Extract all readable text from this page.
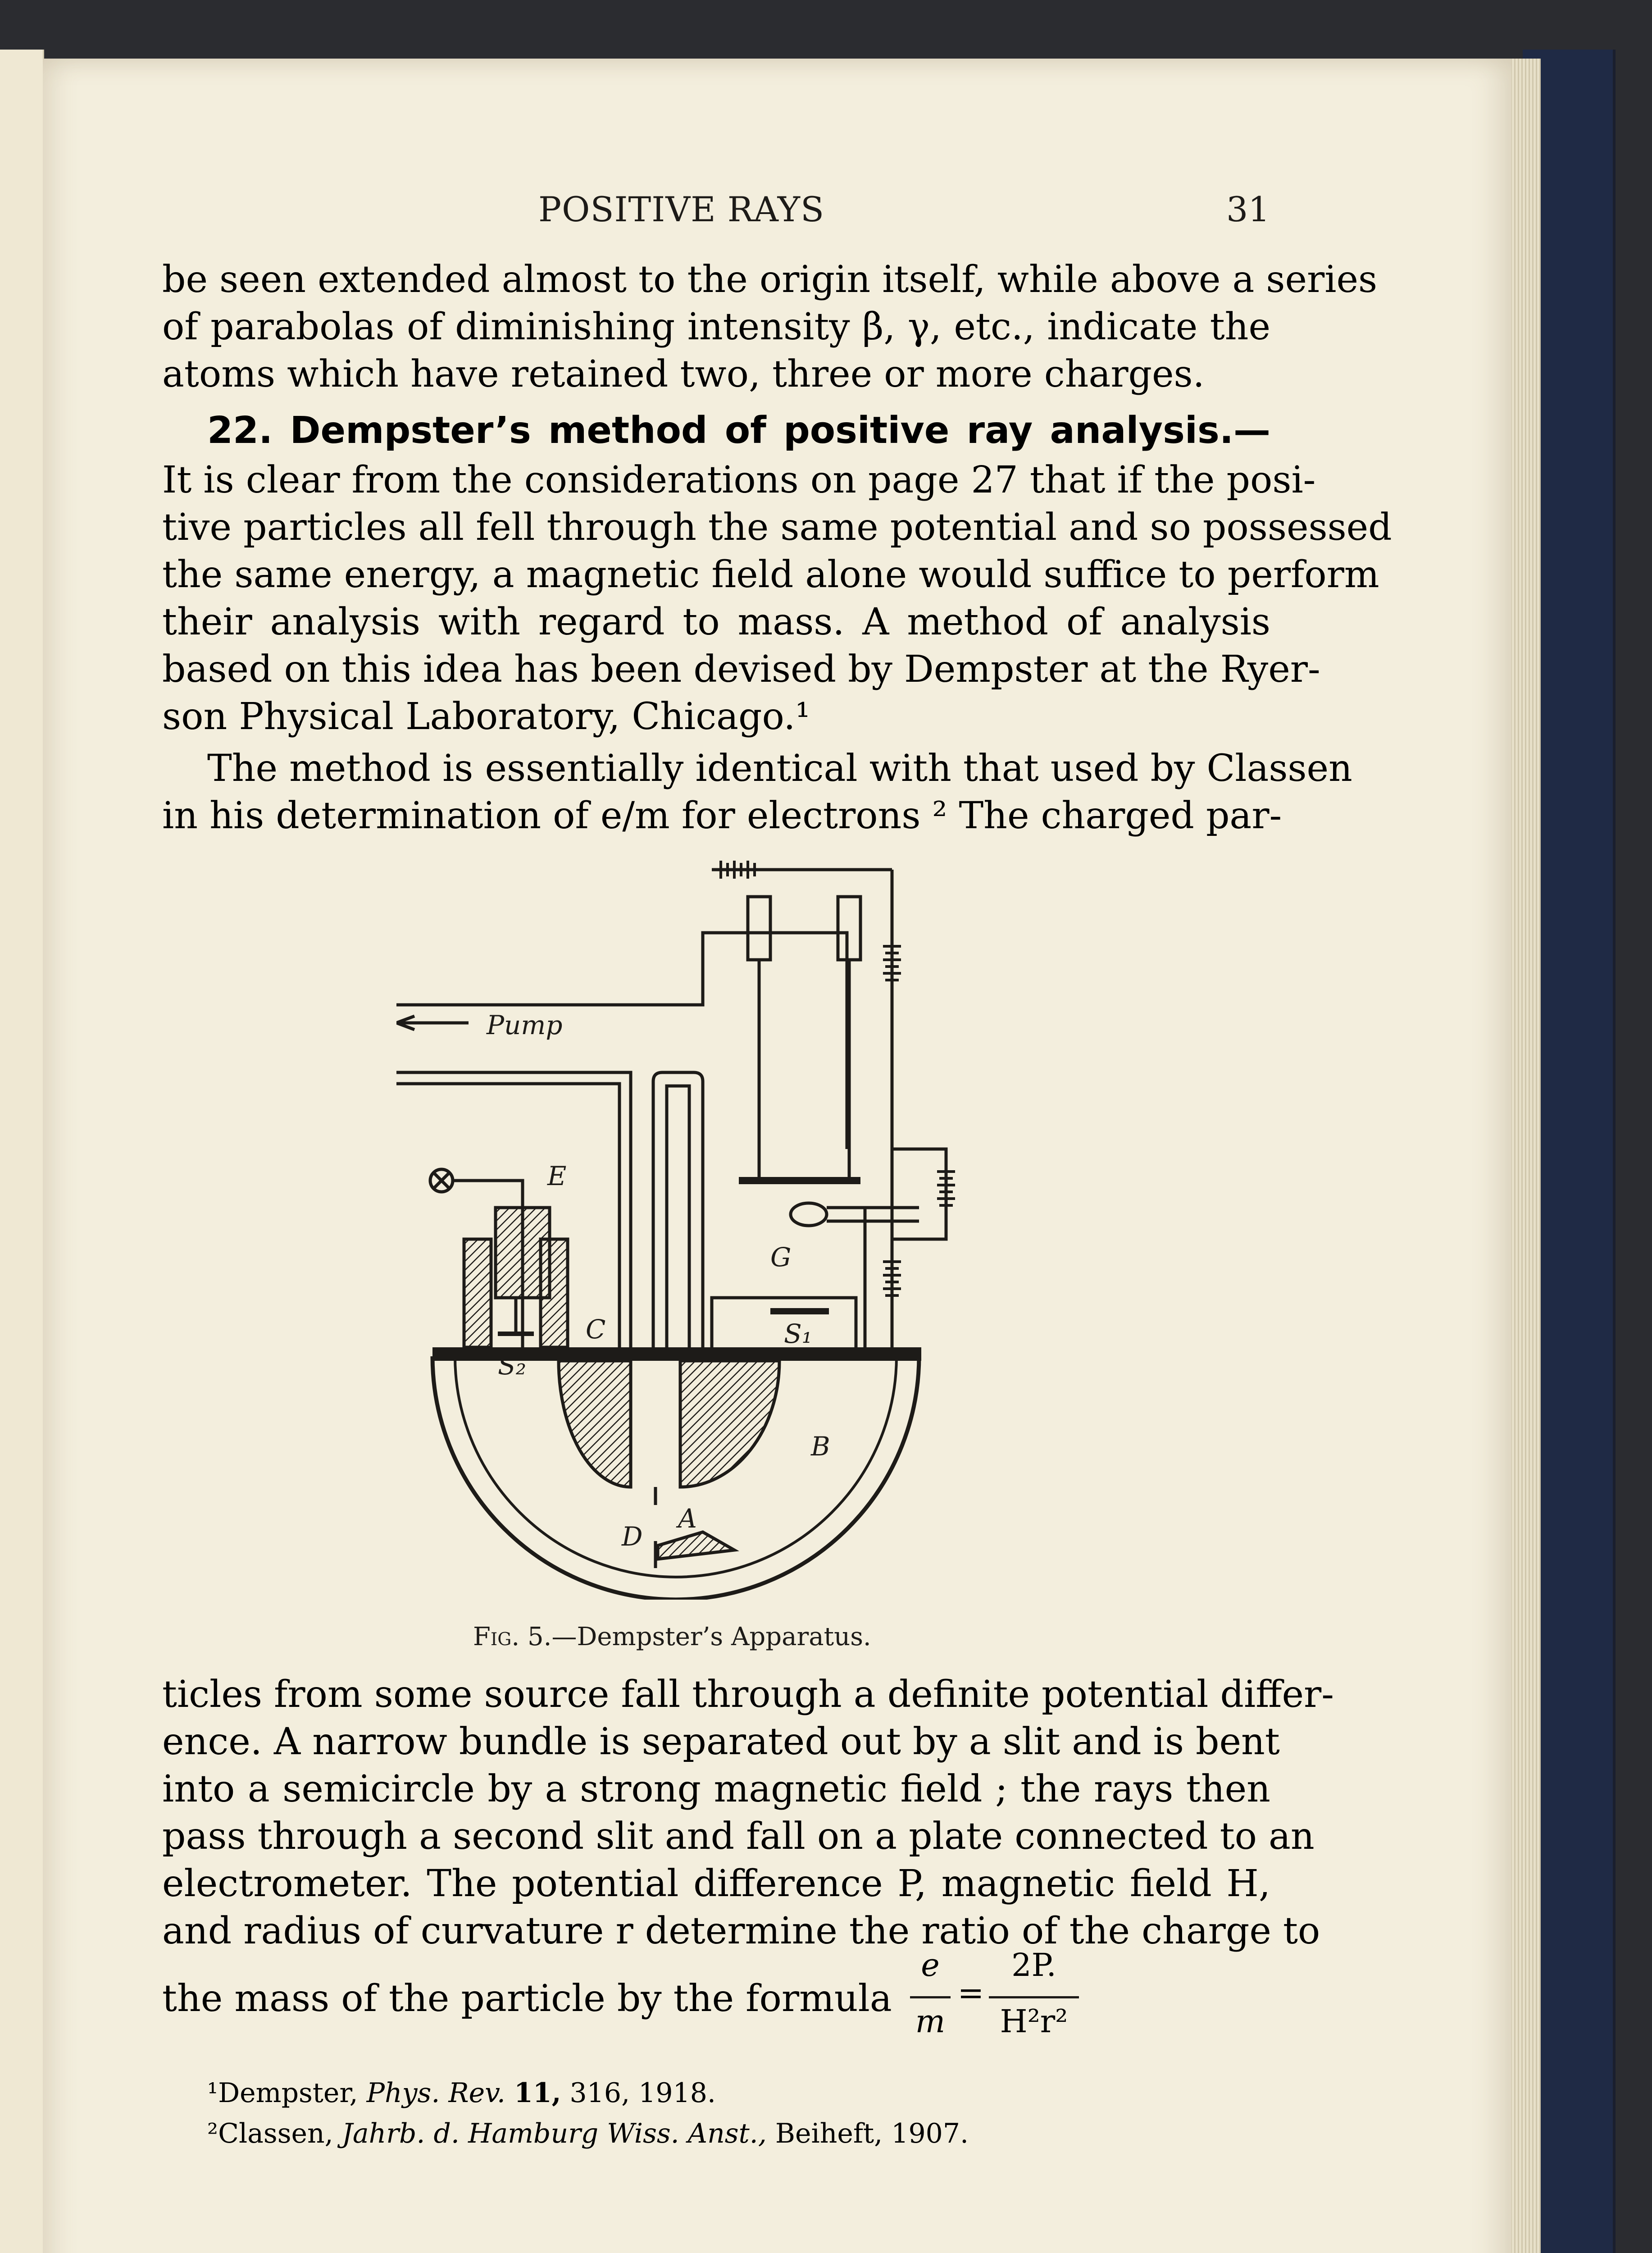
POSITIVE RAYS	31
be seen extended almost to the origin itself, while above a series
of parabolas of diminishing intensity β, γ, etc., indicate the
atoms which have retained two, three or more charges.
22. Dempster’s method of positive ray analysis.—
It is clear from the considerations on page 27 that if the posi-
tive particles all fell through the same potential and so possessed
the same energy, a magnetic field alone would suffice to perform
their analysis with regard to mass. A method of analysis
based on this idea has been devised by Dempster at the Ryer-
son Physical Laboratory, Chicago.¹
The method is essentially identical with that used by Classen
in his determination of e/m for electrons ² The charged par-
Pump
E
C
G
S₁
S₂
B
D
A
Fig. 5.—Dempster’s Apparatus.
ticles from some source fall through a definite potential differ-
ence. A narrow bundle is separated out by a slit and is bent
into a semicircle by a strong magnetic field ; the rays then
pass through a second slit and fall on a plate connected to an
electrometer. The potential difference P, magnetic field H,
and radius of curvature r determine the ratio of the charge to
the mass of the particle by the formula
e
m
=
2P.
H²r²
¹Dempster, Phys. Rev. 11, 316, 1918.
²Classen, Jahrb. d. Hamburg Wiss. Anst., Beiheft, 1907.
